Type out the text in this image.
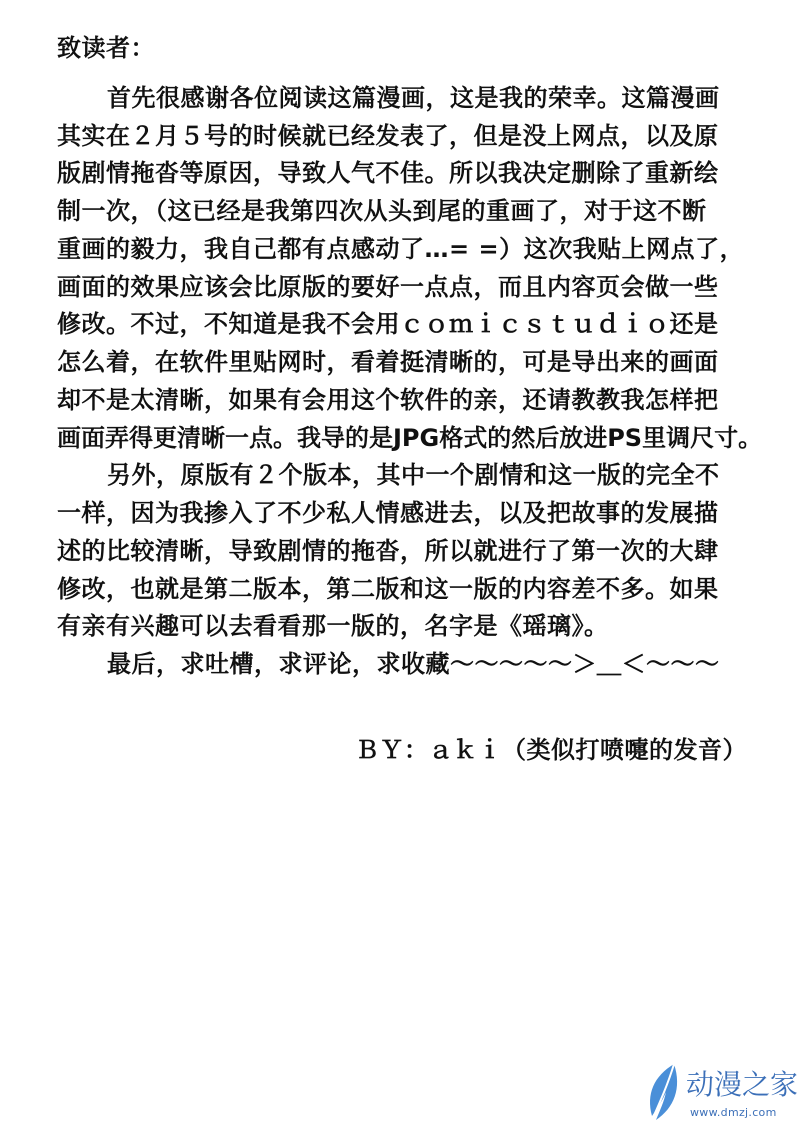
致读者：
首先很感谢各位阅读这篇漫画，这是我的荣幸。这篇漫画
其实在２月５号的时候就已经发表了，但是没上网点，以及原
版剧情拖沓等原因，导致人气不佳。所以我决定删除了重新绘
制一次，（这已经是我第四次从头到尾的重画了，对于这不断
重画的毅力，我自己都有点感动了…= =）这次我贴上网点了，
画面的效果应该会比原版的要好一点点，而且内容页会做一些
修改。不过，不知道是我不会用ｃｏｍｉｃｓｔｕｄｉｏ还是
怎么着，在软件里贴网时，看着挺清晰的，可是导出来的画面
却不是太清晰，如果有会用这个软件的亲，还请教教我怎样把
画面弄得更清晰一点。我导的是JPG格式的然后放进PS里调尺寸。
另外，原版有２个版本，其中一个剧情和这一版的完全不
一样，因为我掺入了不少私人情感进去，以及把故事的发展描
述的比较清晰，导致剧情的拖沓，所以就进行了第一次的大肆
修改，也就是第二版本，第二版和这一版的内容差不多。如果
有亲有兴趣可以去看看那一版的，名字是《瑶璃》。
最后，求吐槽，求评论，求收藏～～～～～＞＿＜～～～
ＢＹ：ａｋｉ（类似打喷嚏的发音）
动漫之家
www.dmzj.com
